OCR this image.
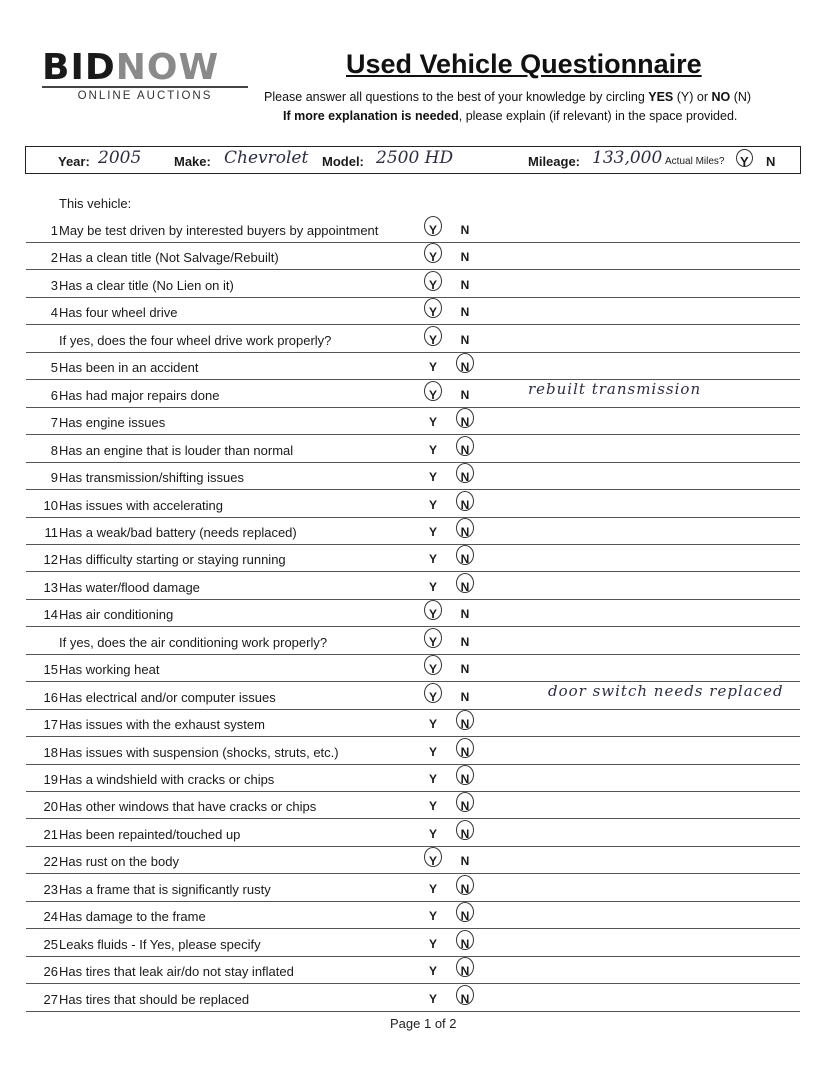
BIDNOW
ONLINE AUCTIONS
Used Vehicle Questionnaire
Please answer all questions to the best of your knowledge by circling YES (Y) or NO (N)
If more explanation is needed, please explain (if relevant) in the space provided.
Year: 2005	Make: Chevrolet Model: 2500 HD	Mileage: 133,000 Actual Miles? Y N
This vehicle:
1 May be test driven by interested buyers by appointment	Y N
2 Has a clean title (Not Salvage/Rebuilt)	Y N
3 Has a clear title (No Lien on it)	Y N
4 Has four wheel drive	Y N
If yes, does the four wheel drive work properly?	Y N
5 Has been in an accident	Y N
6 Has had major repairs done	Y N	rebuilt transmission
7 Has engine issues	Y N
8 Has an engine that is louder than normal	Y N
9 Has transmission/shifting issues	Y N
10 Has issues with accelerating	Y N
11 Has a weak/bad battery (needs replaced)	Y N
12 Has difficulty starting or staying running	Y N
13 Has water/flood damage	Y N
14 Has air conditioning	Y N
If yes, does the air conditioning work properly?	Y N
15 Has working heat	Y N
16 Has electrical and/or computer issues	Y N	door switch needs replaced
17 Has issues with the exhaust system	Y N
18 Has issues with suspension (shocks, struts, etc.)	Y N
19 Has a windshield with cracks or chips	Y N
20 Has other windows that have cracks or chips	Y N
21 Has been repainted/touched up	Y N
22 Has rust on the body	Y N
23 Has a frame that is significantly rusty	Y N
24 Has damage to the frame	Y N
25 Leaks fluids - If Yes, please specify	Y N
26 Has tires that leak air/do not stay inflated	Y N
27 Has tires that should be replaced	Y N
Page 1 of 2
